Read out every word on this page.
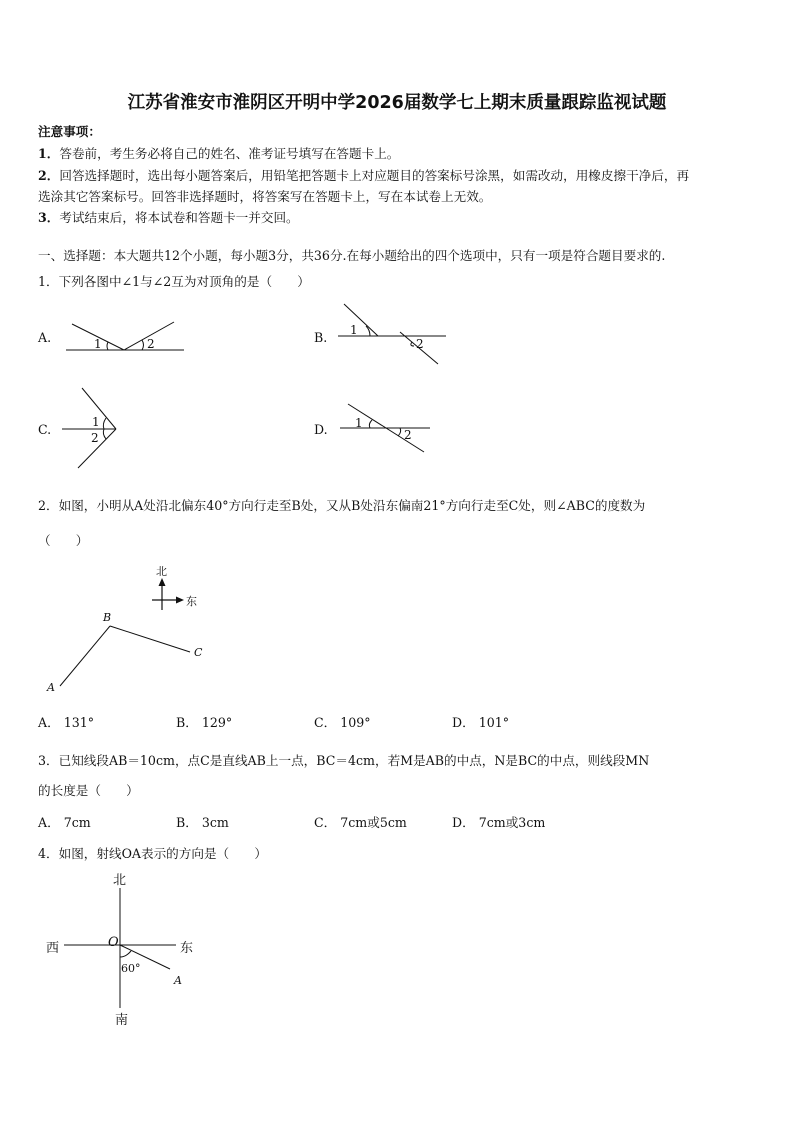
江苏省淮安市淮阴区开明中学2026届数学七上期末质量跟踪监视试题
注意事项：
1．答卷前，考生务必将自己的姓名、准考证号填写在答题卡上。
2．回答选择题时，选出每小题答案后，用铅笔把答题卡上对应题目的答案标号涂黑，如需改动，用橡皮擦干净后，再
选涂其它答案标号。回答非选择题时，将答案写在答题卡上，写在本试卷上无效。
3．考试结束后，将本试卷和答题卡一并交回。
一、选择题：本大题共12个小题，每小题3分，共36分.在每小题给出的四个选项中，只有一项是符合题目要求的.
1．下列各图中∠1与∠2互为对顶角的是（　　）
A.	1	2	B. 1
2
C.	1
2
D. 1
2
2．如图，小明从A处沿北偏东40°方向行走至B处，又从B处沿东偏南21°方向行走至C处，则∠ABC的度数为
（　　）
北
东
A
B
C
A． 131°	B． 129°	C． 109°	D． 101°
3．已知线段AB＝10cm，点C是直线AB上一点，BC＝4cm，若M是AB的中点，N是BC的中点，则线段MN
的长度是（　　）
A． 7cm	B． 3cm	C． 7cm或5cm	D． 7cm或3cm
4．如图，射线OA表示的方向是（　　）
北
南
西	东
O
60°
A
